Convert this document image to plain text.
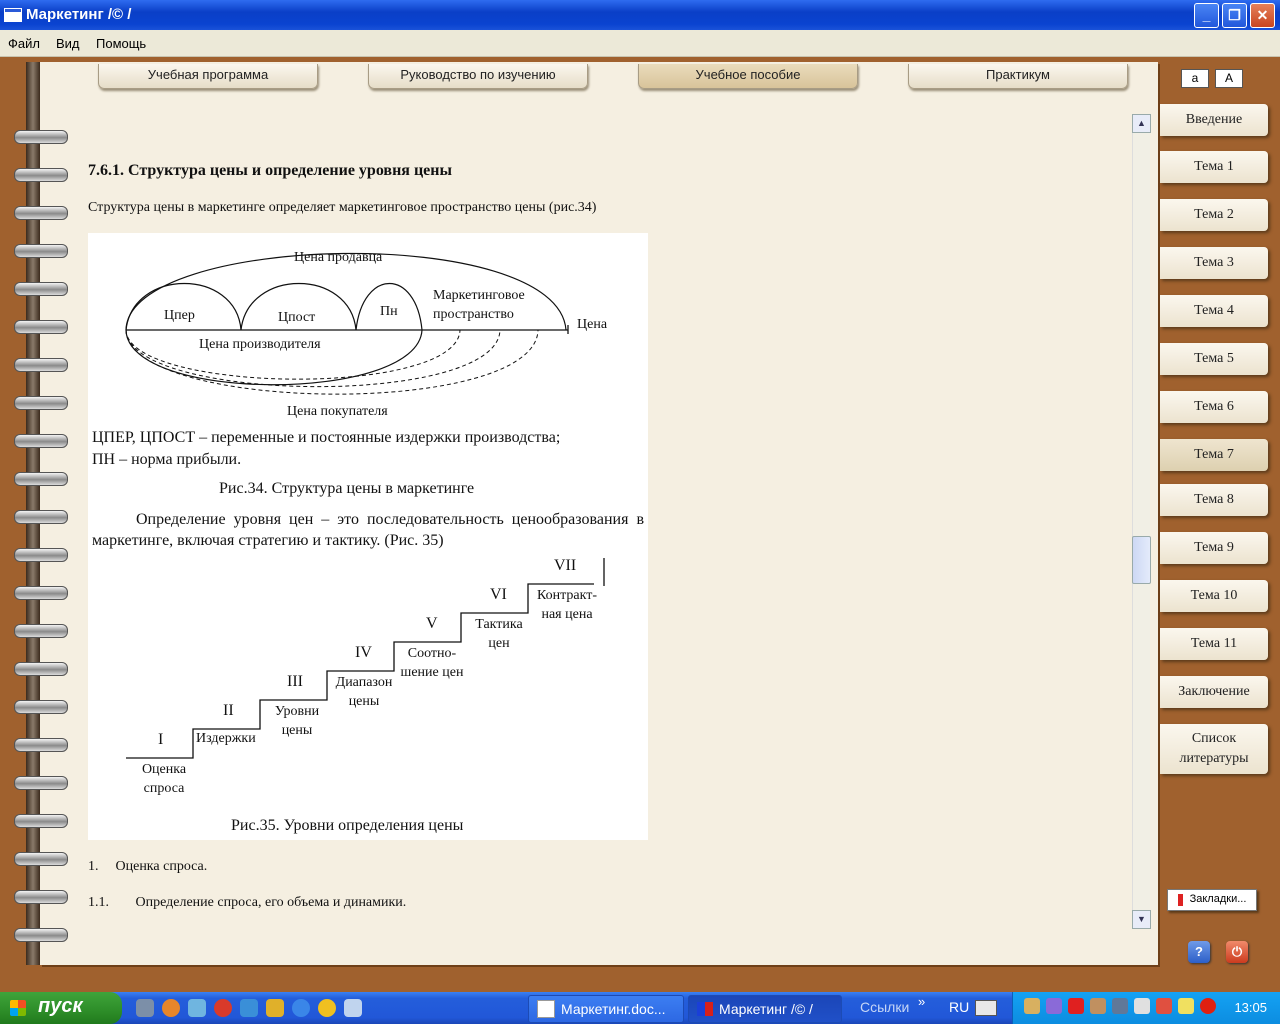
Маркетинг /© /	_	❐	✕
Файл Вид Помощь
Учебная программа	Руководство по изучению	Учебное пособие	Практикум	a	A
Введение
Тема 1
Тема 2
Тема 3
Тема 4
Тема 5
Тема 6
Тема 7
Тема 8
Тема 9
Тема 10
Тема 11
Заключение
Список литературы
7.6.1. Структура цены и определение уровня цены
Структура цены в маркетинге определяет маркетинговое пространство цены (рис.34)
Цена продавца
Цпер	Цпост	Пн
Маркетинговое
пространство
Цена
Цена производителя
Цена покупателя
ЦПЕР, ЦПОСТ – переменные и постоянные издержки производства;
ПН – норма прибыли.
Рис.34. Структура цены в маркетинге
Определение уровня цен – это последовательность ценообразования в маркетинге, включая стратегию и тактику. (Рис. 35)
I
Оценка
спроса
II
Издержки
III
Уровни
цены
IV
Диапазон
цены
V
Соотно-
шение цен
VI
Тактика
цен
VII
Контракт-
ная цена
Рис.35. Уровни определения цены
1. Оценка спроса.
1.1. Определение спроса, его объема и динамики.
▲
▼
Закладки...
?	⏻
пуск	Маркетинг.doc...	Маркетинг /© /	Ссылки » RU	13:05
